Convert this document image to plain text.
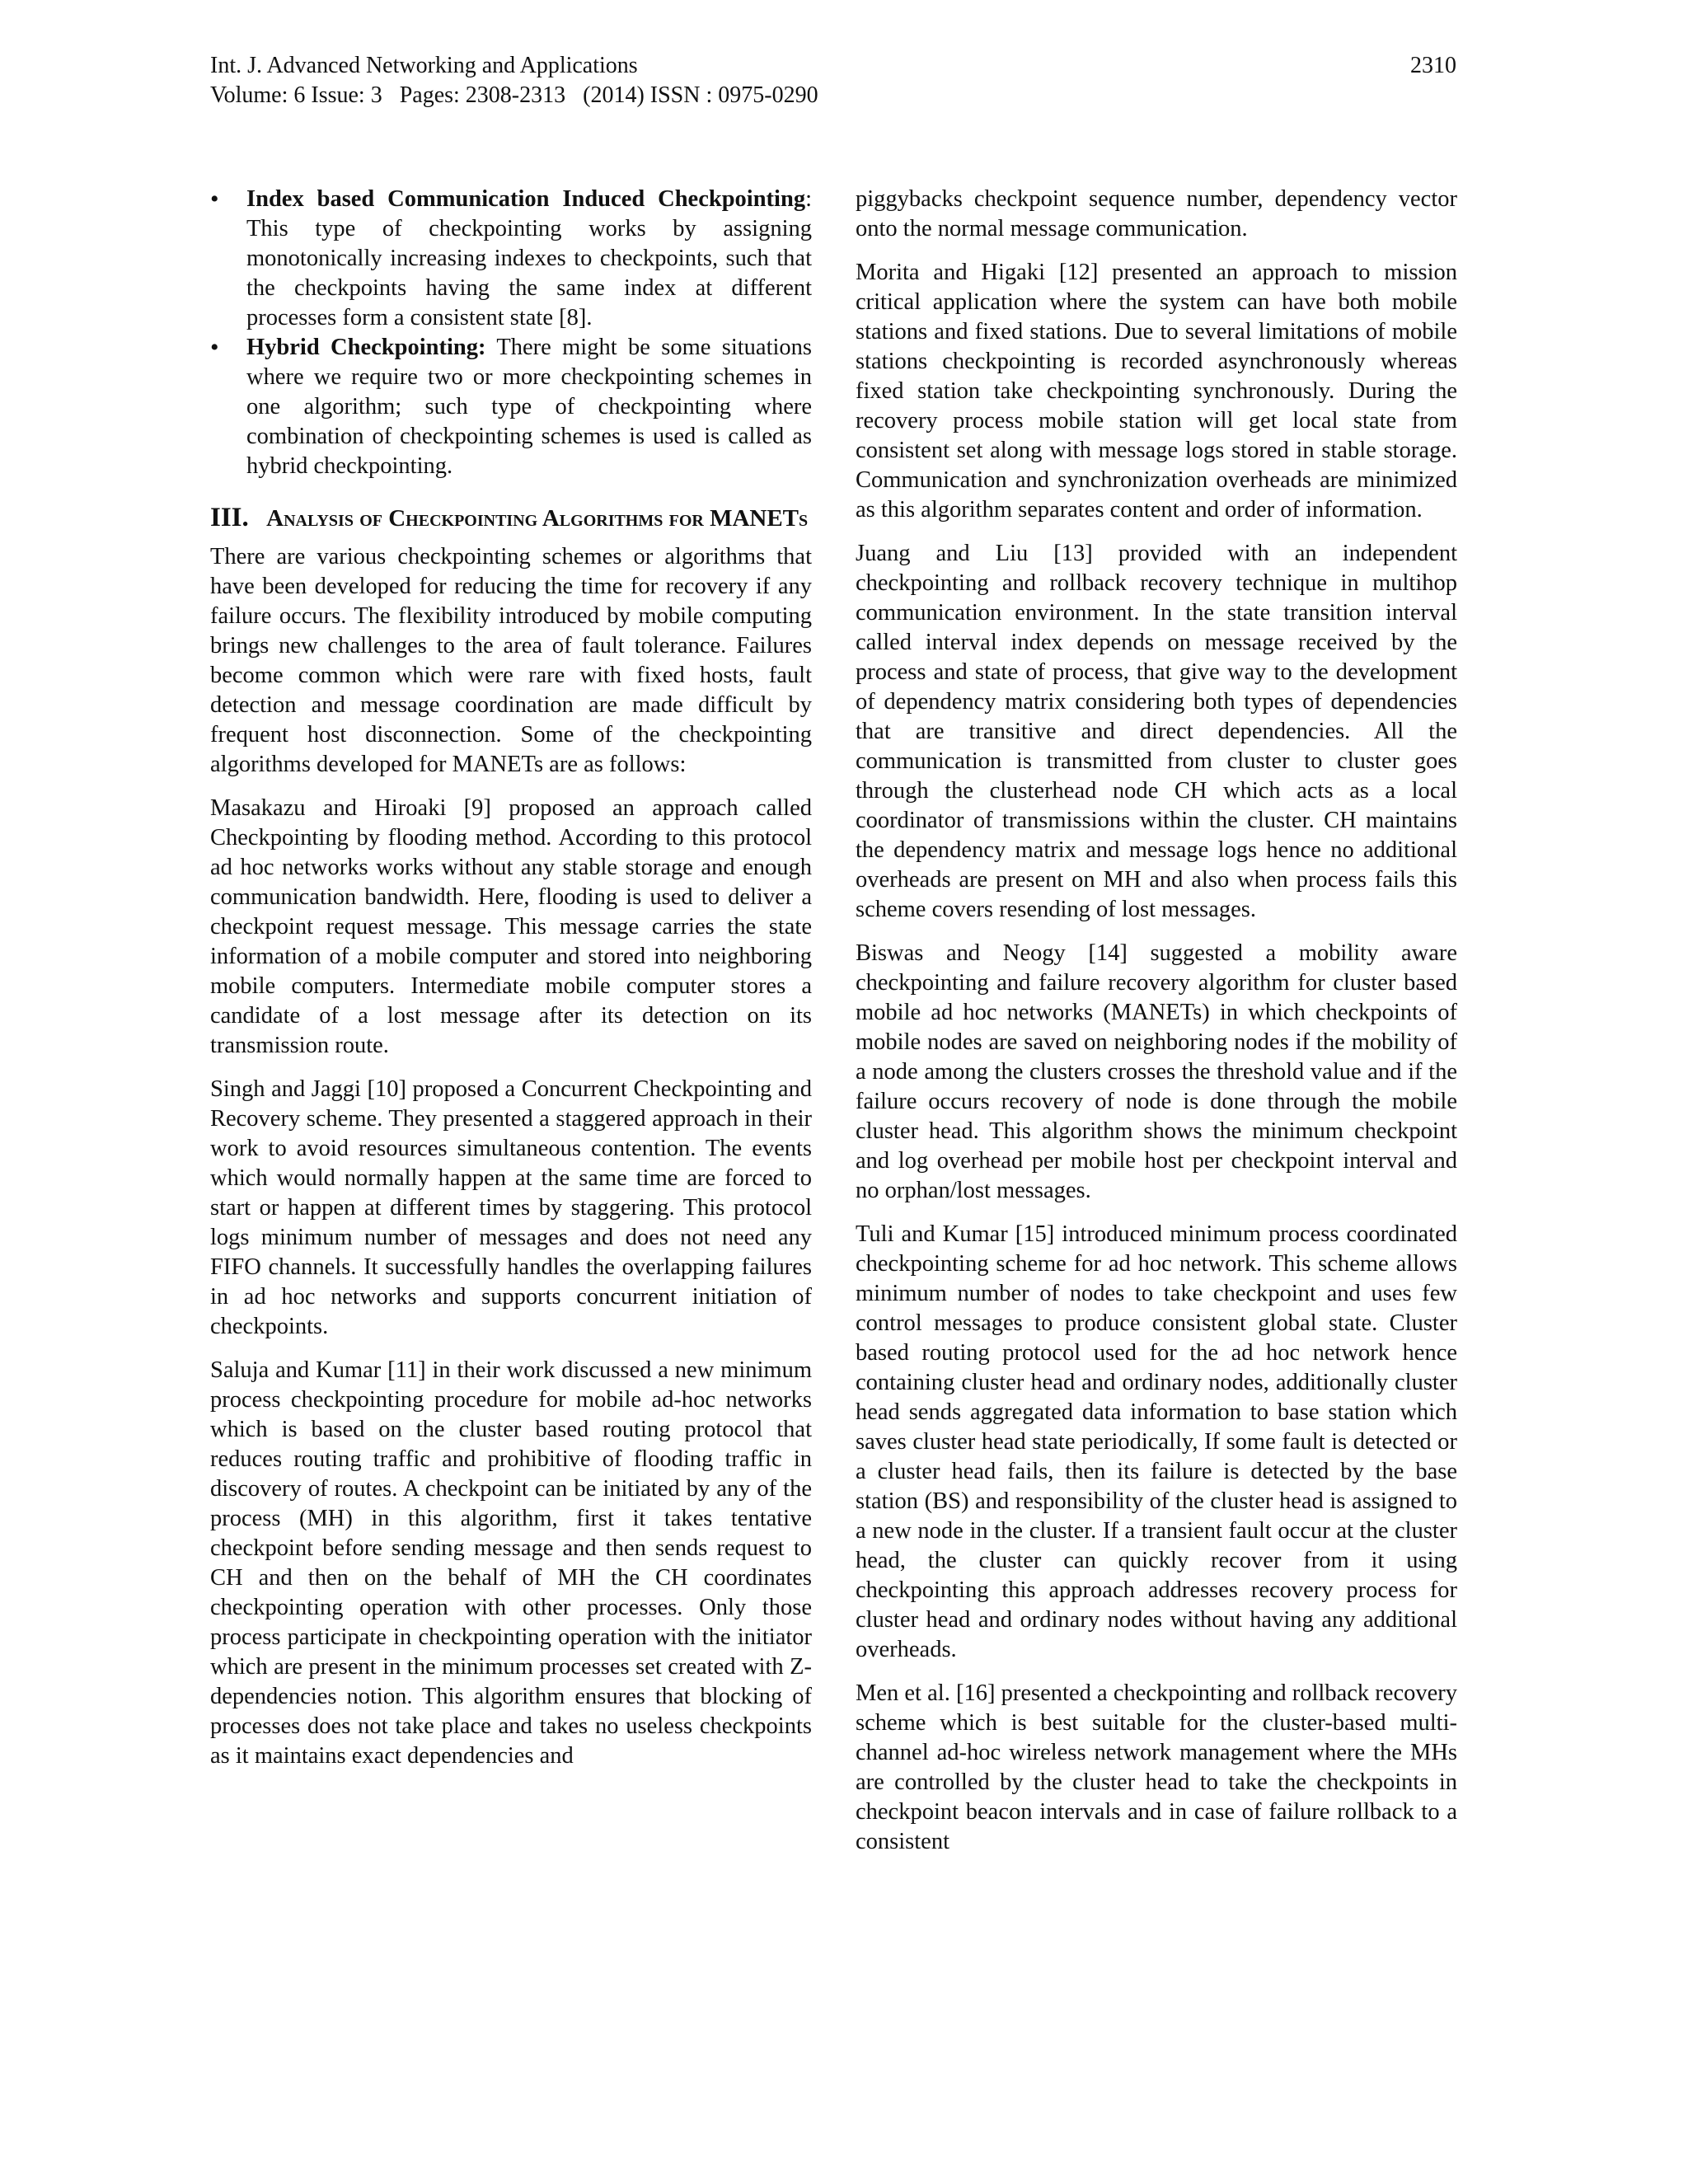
Int. J. Advanced Networking and Applications	2310
Volume: 6 Issue: 3   Pages: 2308-2313   (2014) ISSN : 0975-0290
• Index based Communication Induced Checkpointing: This type of checkpointing works by assigning monotonically increasing indexes to checkpoints, such that the checkpoints having the same index at different processes form a consistent state [8].
• Hybrid Checkpointing: There might be some situations where we require two or more checkpointing schemes in one algorithm; such type of checkpointing where combination of checkpointing schemes is used is called as hybrid checkpointing.
III. Analysis of Checkpointing Algorithms for MANETs

There are various checkpointing schemes or algorithms that have been developed for reducing the time for recovery if any failure occurs. The flexibility introduced by mobile computing brings new challenges to the area of fault tolerance. Failures become common which were rare with fixed hosts, fault detection and message coordination are made difficult by frequent host disconnection. Some of the checkpointing algorithms developed for MANETs are as follows:

Masakazu and Hiroaki [9] proposed an approach called Checkpointing by flooding method. According to this protocol ad hoc networks works without any stable storage and enough communication bandwidth. Here, flooding is used to deliver a checkpoint request message. This message carries the state information of a mobile computer and stored into neighboring mobile computers. Intermediate mobile computer stores a candidate of a lost message after its detection on its transmission route.

Singh and Jaggi [10] proposed a Concurrent Checkpointing and Recovery scheme. They presented a staggered approach in their work to avoid resources simultaneous contention. The events which would normally happen at the same time are forced to start or happen at different times by staggering. This protocol logs minimum number of messages and does not need any FIFO channels. It successfully handles the overlapping failures in ad hoc networks and supports concurrent initiation of checkpoints.

Saluja and Kumar [11] in their work discussed a new minimum process checkpointing procedure for mobile ad-hoc networks which is based on the cluster based routing protocol that reduces routing traffic and prohibitive of flooding traffic in discovery of routes. A checkpoint can be initiated by any of the process (MH) in this algorithm, first it takes tentative checkpoint before sending message and then sends request to CH and then on the behalf of MH the CH coordinates checkpointing operation with other processes. Only those process participate in checkpointing operation with the initiator which are present in the minimum processes set created with Z-dependencies notion. This algorithm ensures that blocking of processes does not take place and takes no useless checkpoints as it maintains exact dependencies and

piggybacks checkpoint sequence number, dependency vector onto the normal message communication.

Morita and Higaki [12] presented an approach to mission critical application where the system can have both mobile stations and fixed stations. Due to several limitations of mobile stations checkpointing is recorded asynchronously whereas fixed station take checkpointing synchronously. During the recovery process mobile station will get local state from consistent set along with message logs stored in stable storage. Communication and synchronization overheads are minimized as this algorithm separates content and order of information.

Juang and Liu [13] provided with an independent checkpointing and rollback recovery technique in multihop communication environment. In the state transition interval called interval index depends on message received by the process and state of process, that give way to the development of dependency matrix considering both types of dependencies that are transitive and direct dependencies. All the communication is transmitted from cluster to cluster goes through the clusterhead node CH which acts as a local coordinator of transmissions within the cluster. CH maintains the dependency matrix and message logs hence no additional overheads are present on MH and also when process fails this scheme covers resending of lost messages.

Biswas and Neogy [14] suggested a mobility aware checkpointing and failure recovery algorithm for cluster based mobile ad hoc networks (MANETs) in which checkpoints of mobile nodes are saved on neighboring nodes if the mobility of a node among the clusters crosses the threshold value and if the failure occurs recovery of node is done through the mobile cluster head. This algorithm shows the minimum checkpoint and log overhead per mobile host per checkpoint interval and no orphan/lost messages.

Tuli and Kumar [15] introduced minimum process coordinated checkpointing scheme for ad hoc network. This scheme allows minimum number of nodes to take checkpoint and uses few control messages to produce consistent global state. Cluster based routing protocol used for the ad hoc network hence containing cluster head and ordinary nodes, additionally cluster head sends aggregated data information to base station which saves cluster head state periodically, If some fault is detected or a cluster head fails, then its failure is detected by the base station (BS) and responsibility of the cluster head is assigned to a new node in the cluster. If a transient fault occur at the cluster head, the cluster can quickly recover from it using checkpointing this approach addresses recovery process for cluster head and ordinary nodes without having any additional overheads.

Men et al. [16] presented a checkpointing and rollback recovery scheme which is best suitable for the cluster-based multi-channel ad-hoc wireless network management where the MHs are controlled by the cluster head to take the checkpoints in checkpoint beacon intervals and in case of failure rollback to a consistent
